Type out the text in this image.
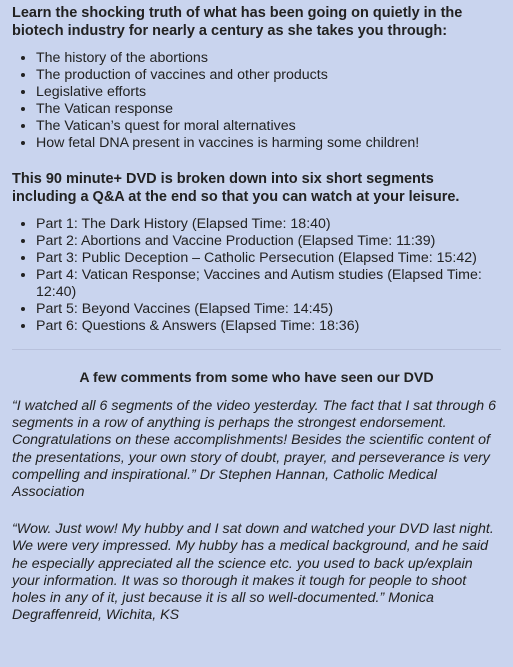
Learn the shocking truth of what has been going on quietly in the biotech industry for nearly a century as she takes you through:

• The history of the abortions
• The production of vaccines and other products
• Legislative efforts
• The Vatican response
• The Vatican’s quest for moral alternatives
• How fetal DNA present in vaccines is harming some children!

This 90 minute+ DVD is broken down into six short segments including a Q&A at the end so that you can watch at your leisure.

• Part 1: The Dark History (Elapsed Time: 18:40)
• Part 2: Abortions and Vaccine Production (Elapsed Time: 11:39)
• Part 3: Public Deception – Catholic Persecution (Elapsed Time: 15:42)
• Part 4: Vatican Response; Vaccines and Autism studies (Elapsed Time: 12:40)
• Part 5: Beyond Vaccines (Elapsed Time: 14:45)
• Part 6: Questions & Answers (Elapsed Time: 18:36)
A few comments from some who have seen our DVD

“I watched all 6 segments of the video yesterday. The fact that I sat through 6 segments in a row of anything is perhaps the strongest endorsement. Congratulations on these accomplishments! Besides the scientific content of the presentations, your own story of doubt, prayer, and perseverance is very compelling and inspirational.” Dr Stephen Hannan, Catholic Medical Association

“Wow. Just wow! My hubby and I sat down and watched your DVD last night. We were very impressed. My hubby has a medical background, and he said he especially appreciated all the science etc. you used to back up/explain your information. It was so thorough it makes it tough for people to shoot holes in any of it, just because it is all so well-documented.” Monica Degraffenreid, Wichita, KS
